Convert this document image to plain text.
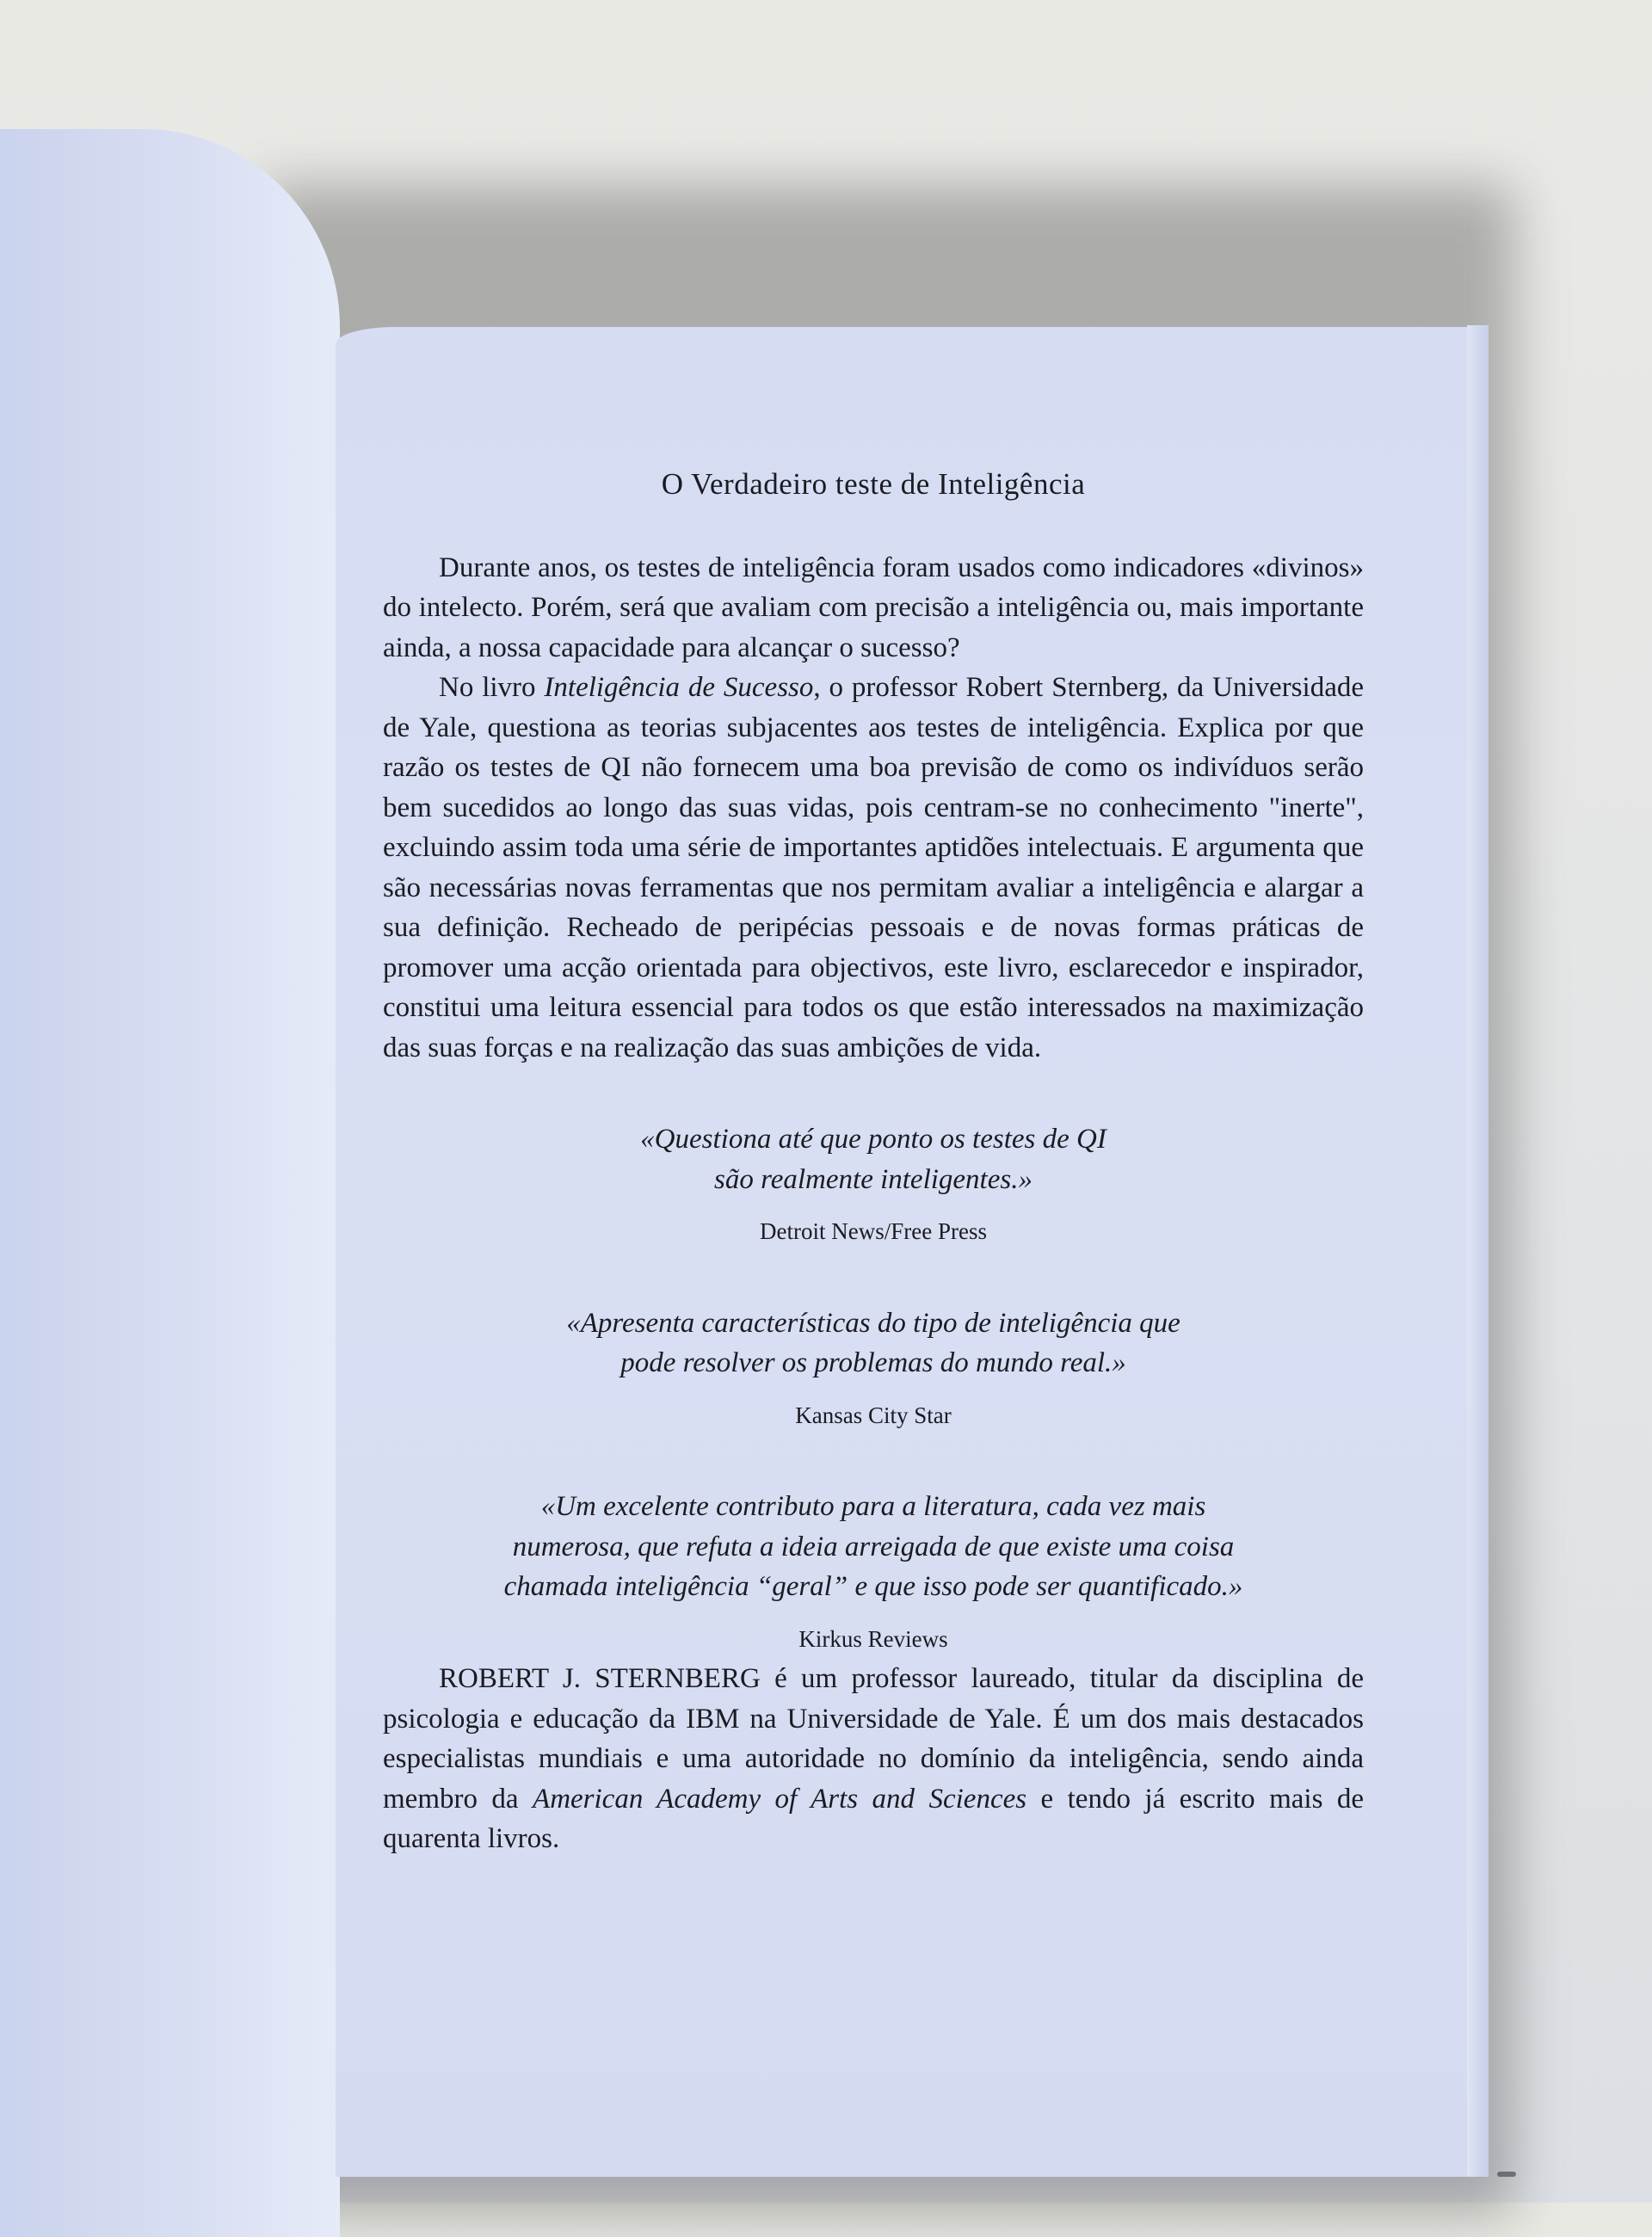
O Verdadeiro teste de Inteligência

Durante anos, os testes de inteligência foram usados como indicadores «divinos» do intelecto. Porém, será que avaliam com precisão a inteligência ou, mais importante ainda, a nossa capacidade para alcançar o sucesso?

No livro Inteligência de Sucesso, o professor Robert Sternberg, da Universidade de Yale, questiona as teorias subjacentes aos testes de inteligência. Explica por que razão os testes de QI não fornecem uma boa previsão de como os indivíduos serão bem sucedidos ao longo das suas vidas, pois centram-se no conhecimento "inerte", excluindo assim toda uma série de importantes aptidões intelectuais. E argumenta que são necessárias novas ferramentas que nos permitam avaliar a inteligência e alargar a sua definição. Recheado de peripécias pessoais e de novas formas práticas de promover uma acção orientada para objectivos, este livro, esclarecedor e inspirador, constitui uma leitura essencial para todos os que estão interessados na maximização das suas forças e na realização das suas ambições de vida.

«Questiona até que ponto os testes de QI
são realmente inteligentes.»
Detroit News/Free Press
«Apresenta características do tipo de inteligência que
pode resolver os problemas do mundo real.»
Kansas City Star
«Um excelente contributo para a literatura, cada vez mais
numerosa, que refuta a ideia arreigada de que existe uma coisa
chamada inteligência “geral” e que isso pode ser quantificado.»
Kirkus Reviews

ROBERT J. STERNBERG é um professor laureado, titular da disciplina de psicologia e educação da IBM na Universidade de Yale. É um dos mais destacados especialistas mundiais e uma autoridade no domínio da inteligência, sendo ainda membro da American Academy of Arts and Sciences e tendo já escrito mais de quarenta livros.
